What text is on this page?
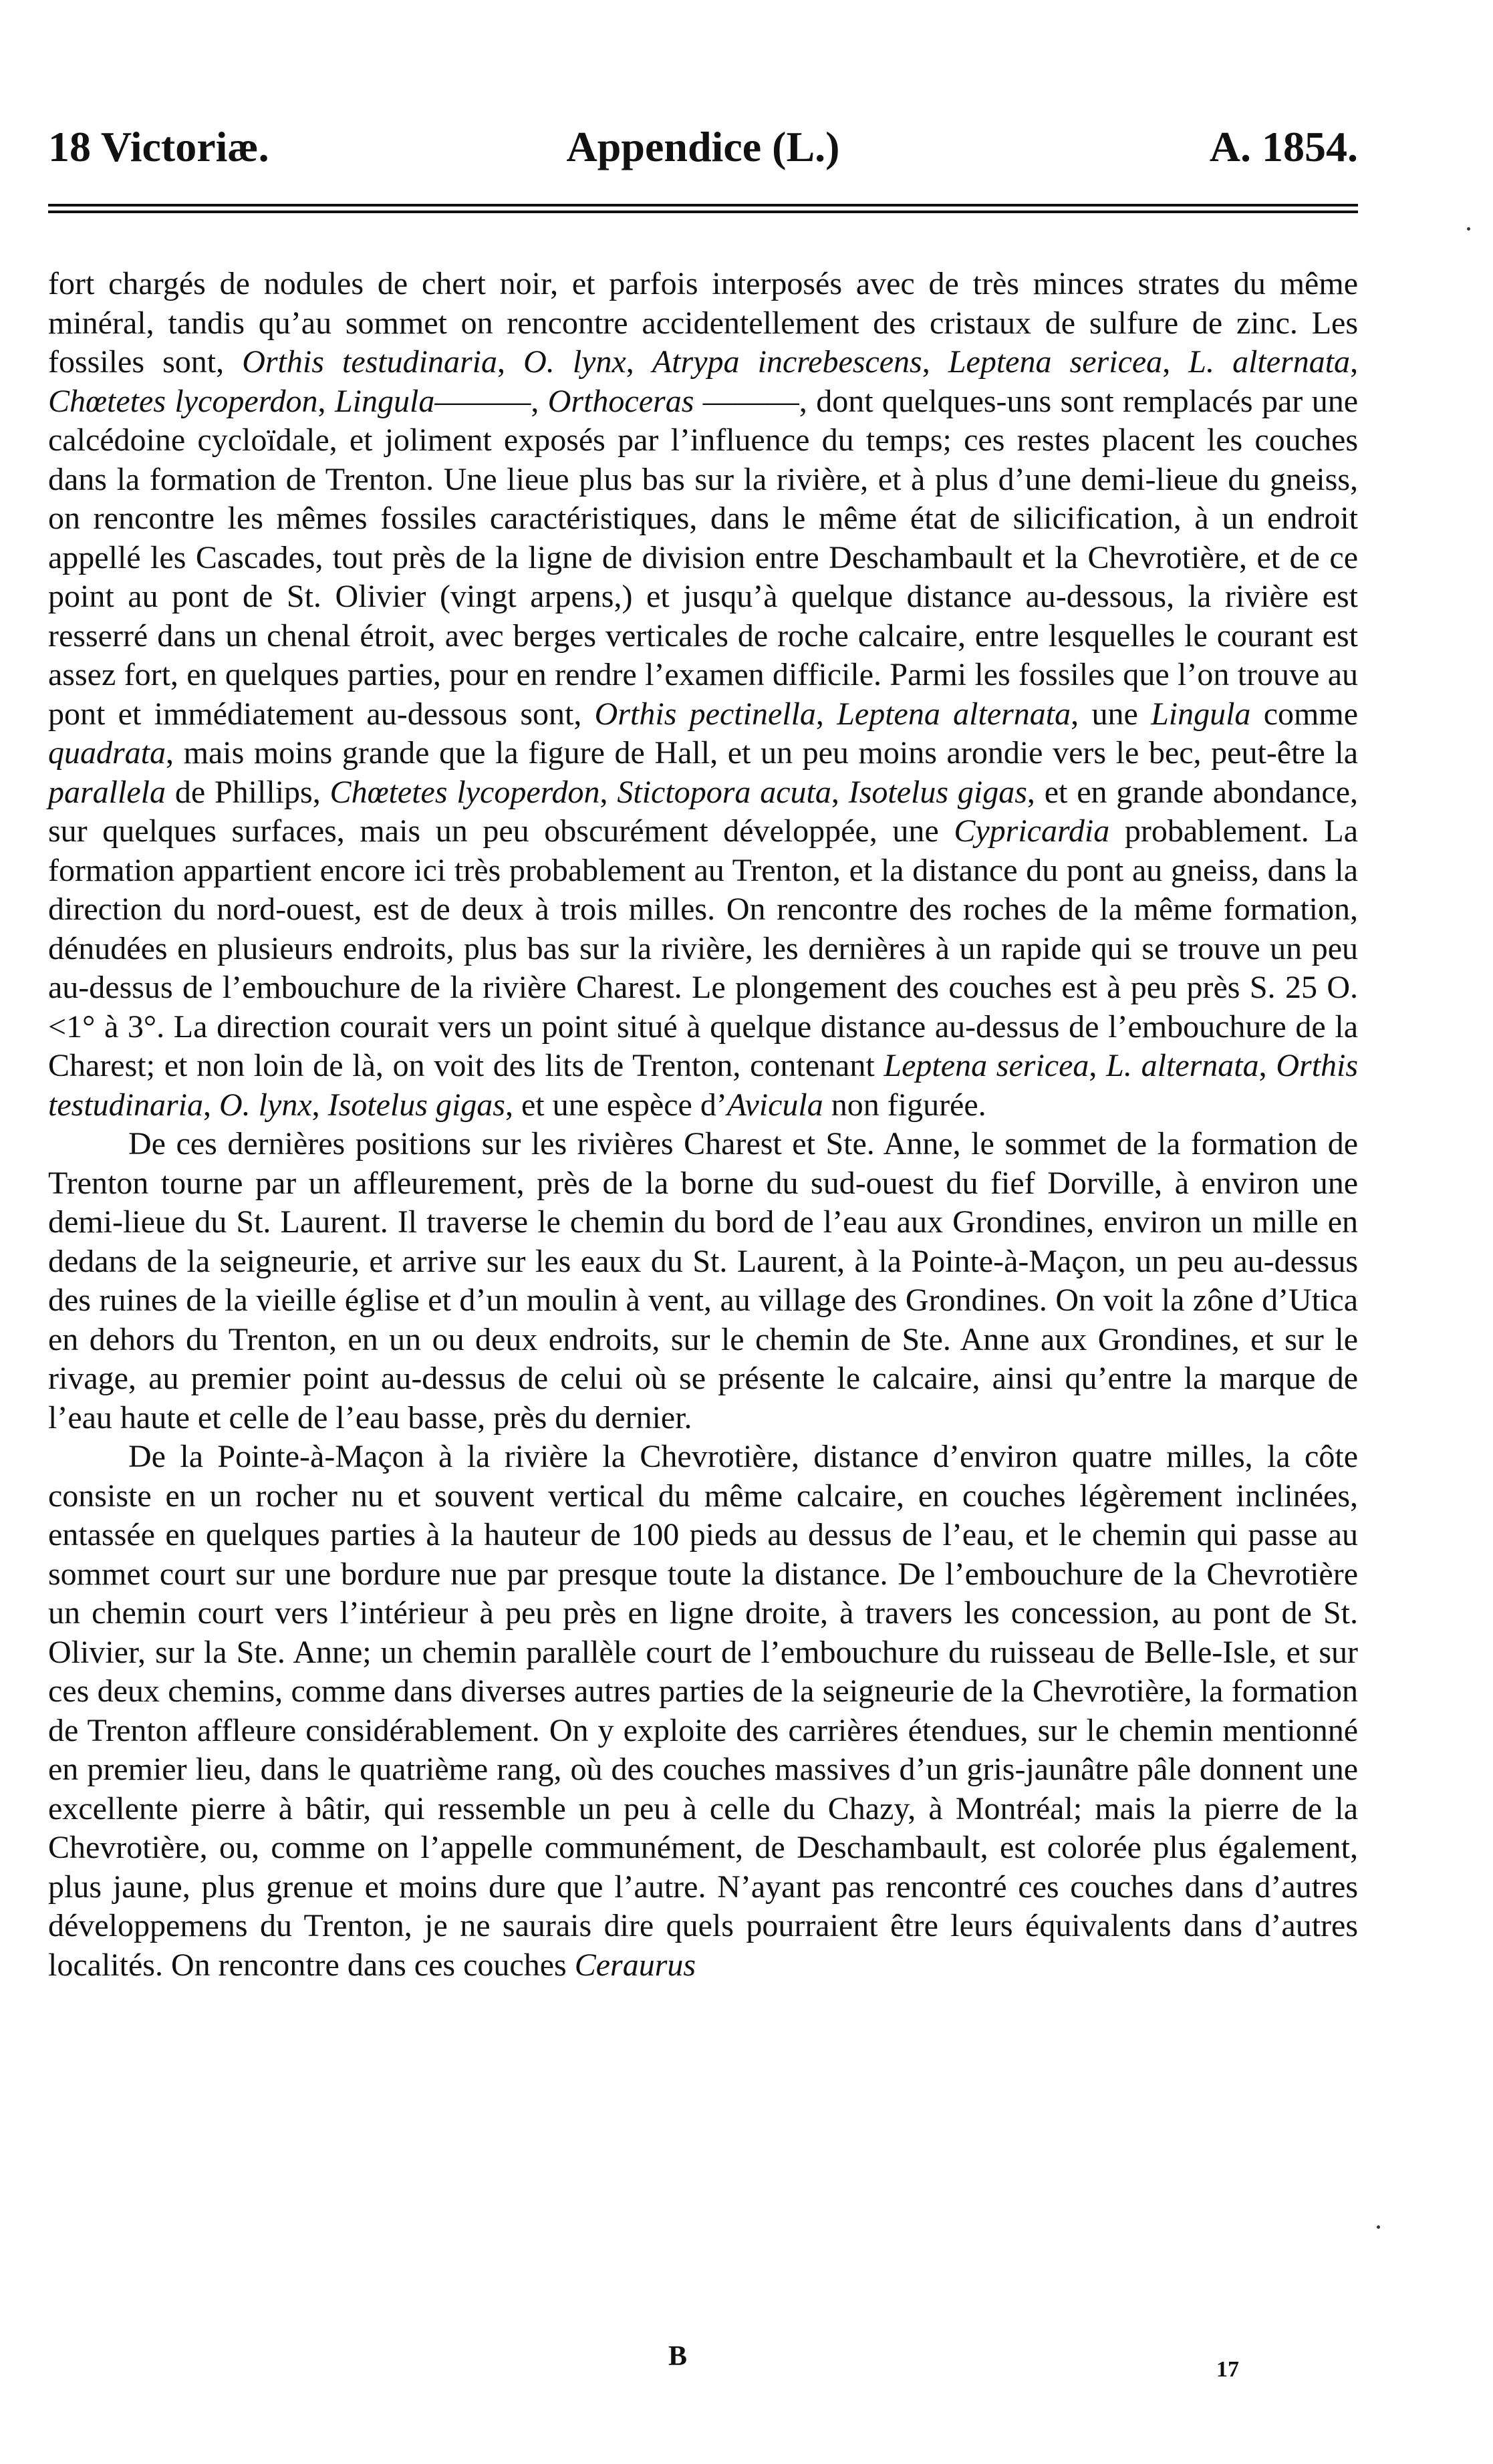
18 Victoriæ.	Appendice (L.)	A. 1854.

fort chargés de nodules de chert noir, et parfois interposés avec de très minces strates du même minéral, tandis qu’au sommet on rencontre accidentellement des cristaux de sulfure de zinc. Les fossiles sont, Orthis testudinaria, O. lynx, Atrypa increbescens, Leptena sericea, L. alternata, Chœtetes lycoperdon, Lingula———, Orthoceras ———, dont quelques-uns sont remplacés par une calcédoine cycloïdale, et joliment exposés par l’influence du temps; ces restes placent les couches dans la formation de Trenton. Une lieue plus bas sur la rivière, et à plus d’une demi-lieue du gneiss, on rencontre les mêmes fossiles caractéristiques, dans le même état de silicification, à un endroit appellé les Cascades, tout près de la ligne de division entre Deschambault et la Chevrotière, et de ce point au pont de St. Olivier (vingt arpens,) et jusqu’à quelque distance au-dessous, la rivière est resserré dans un chenal étroit, avec berges verticales de roche calcaire, entre lesquelles le courant est assez fort, en quelques parties, pour en rendre l’examen difficile. Parmi les fossiles que l’on trouve au pont et immédiatement au-dessous sont, Orthis pectinella, Leptena alternata, une Lingula comme quadrata, mais moins grande que la figure de Hall, et un peu moins arondie vers le bec, peut-être la parallela de Phillips, Chœtetes lycoperdon, Stictopora acuta, Isotelus gigas, et en grande abondance, sur quelques surfaces, mais un peu obscurément développée, une Cypricardia probablement. La formation appartient encore ici très probablement au Trenton, et la distance du pont au gneiss, dans la direction du nord-ouest, est de deux à trois milles. On rencontre des roches de la même formation, dénudées en plusieurs endroits, plus bas sur la rivière, les dernières à un rapide qui se trouve un peu au-dessus de l’embouchure de la rivière Charest. Le plongement des couches est à peu près S. 25 O. <1° à 3°. La direction courait vers un point situé à quelque distance au-dessus de l’embouchure de la Charest; et non loin de là, on voit des lits de Trenton, contenant Leptena sericea, L. alternata, Orthis testudinaria, O. lynx, Isotelus gigas, et une espèce d’Avicula non figurée.

De ces dernières positions sur les rivières Charest et Ste. Anne, le sommet de la formation de Trenton tourne par un affleurement, près de la borne du sud-ouest du fief Dorville, à environ une demi-lieue du St. Laurent. Il traverse le chemin du bord de l’eau aux Grondines, environ un mille en dedans de la seigneurie, et arrive sur les eaux du St. Laurent, à la Pointe-à-Maçon, un peu au-dessus des ruines de la vieille église et d’un moulin à vent, au village des Grondines. On voit la zône d’Utica en dehors du Trenton, en un ou deux endroits, sur le chemin de Ste. Anne aux Grondines, et sur le rivage, au premier point au-dessus de celui où se présente le calcaire, ainsi qu’entre la marque de l’eau haute et celle de l’eau basse, près du dernier.

De la Pointe-à-Maçon à la rivière la Chevrotière, distance d’environ quatre milles, la côte consiste en un rocher nu et souvent vertical du même calcaire, en couches légèrement inclinées, entassée en quelques parties à la hauteur de 100 pieds au dessus de l’eau, et le chemin qui passe au sommet court sur une bordure nue par presque toute la distance. De l’embouchure de la Chevrotière un chemin court vers l’intérieur à peu près en ligne droite, à travers les concession, au pont de St. Olivier, sur la Ste. Anne; un chemin parallèle court de l’embouchure du ruisseau de Belle-Isle, et sur ces deux chemins, comme dans diverses autres parties de la seigneurie de la Chevrotière, la formation de Trenton affleure considérablement. On y exploite des carrières étendues, sur le chemin mentionné en premier lieu, dans le quatrième rang, où des couches massives d’un gris-jaunâtre pâle donnent une excellente pierre à bâtir, qui ressemble un peu à celle du Chazy, à Montréal; mais la pierre de la Chevrotière, ou, comme on l’appelle communément, de Deschambault, est colorée plus également, plus jaune, plus grenue et moins dure que l’autre. N’ayant pas rencontré ces couches dans d’autres développemens du Trenton, je ne saurais dire quels pourraient être leurs équivalents dans d’autres localités. On rencontre dans ces couches Ceraurus

B	17
